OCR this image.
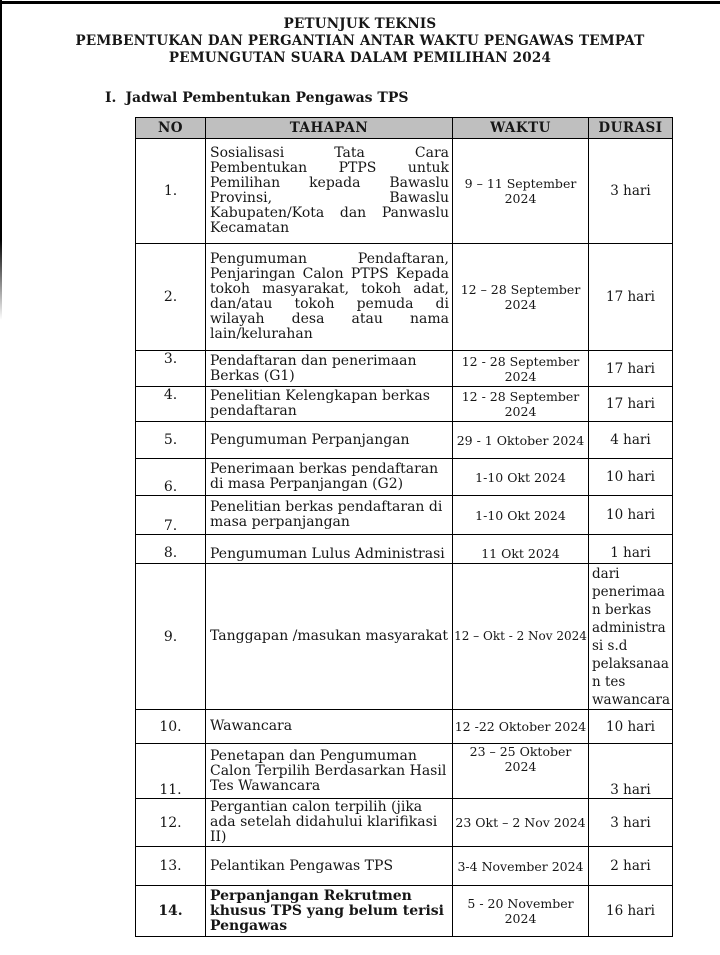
PETUNJUK TEKNIS
PEMBENTUKAN DAN PERGANTIAN ANTAR WAKTU PENGAWAS TEMPAT
PEMUNGUTAN SUARA DALAM PEMILIHAN 2024
I. Jadwal Pembentukan Pengawas TPS
NO	TAHAPAN	WAKTU	DURASI
1.	Sosialisasi Tata Cara Pembentukan PTPS untuk Pemilihan kepada Bawaslu Provinsi, Bawaslu Kabupaten/Kota dan Panwaslu Kecamatan	9 – 11 September 2024	3 hari
2.	Pengumuman Pendaftaran, Penjaringan Calon PTPS Kepada tokoh masyarakat, tokoh adat, dan/atau tokoh pemuda di wilayah desa atau nama lain/kelurahan	12 – 28 September 2024	17 hari
3.	Pendaftaran dan penerimaan Berkas (G1)	12 - 28 September 2024	17 hari
4.	Penelitian Kelengkapan berkas pendaftaran	12 - 28 September 2024	17 hari
5.	Pengumuman Perpanjangan	29 - 1 Oktober 2024	4 hari
6.	Penerimaan berkas pendaftaran di masa Perpanjangan (G2)	1-10 Okt 2024	10 hari
7.	Penelitian berkas pendaftaran di masa perpanjangan	1-10 Okt 2024	10 hari

8.	Pengumuman Lulus Administrasi	11 Okt 2024	1 hari

9.	Tanggapan /masukan masyarakat	12 – Okt - 2 Nov 2024	dari penerimaan berkas administrasi s.d pelaksanaan tes wawancara
10.	Wawancara	12 -22 Oktober 2024	10 hari
11.	Penetapan dan Pengumuman Calon Terpilih Berdasarkan Hasil Tes Wawancara	23 – 25 Oktober 2024	3 hari
12.	Pergantian calon terpilih (jika ada setelah didahului klarifikasi II)	23 Okt – 2 Nov 2024	3 hari
13.	Pelantikan Pengawas TPS	3-4 November 2024	2 hari
14.	Perpanjangan Rekrutmen khusus TPS yang belum terisi Pengawas	5 - 20 November 2024	16 hari
